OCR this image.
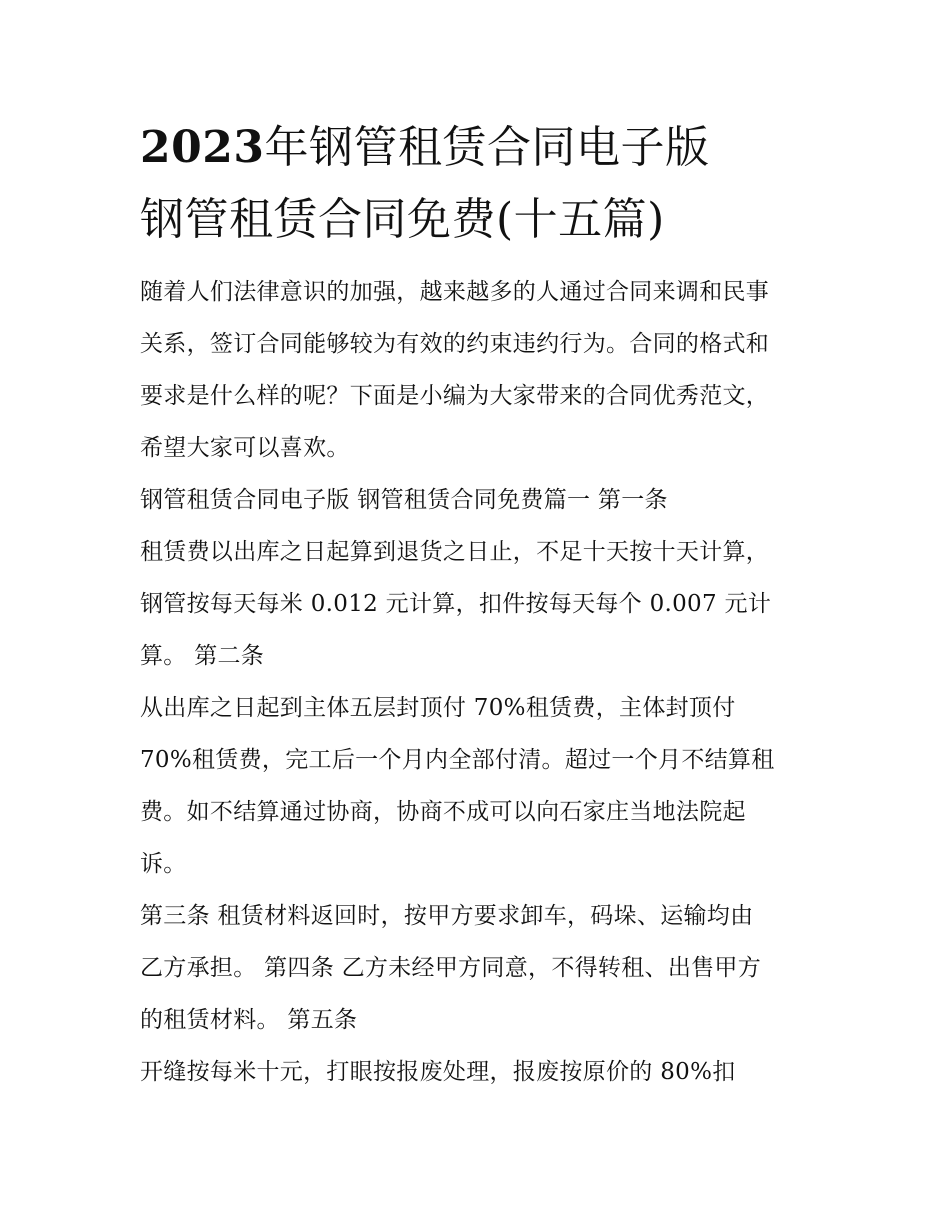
2023年钢管租赁合同电子版
钢管租赁合同免费(十五篇)
随着人们法律意识的加强，越来越多的人通过合同来调和民事
关系，签订合同能够较为有效的约束违约行为。合同的格式和
要求是什么样的呢？下面是小编为大家带来的合同优秀范文，
希望大家可以喜欢。
钢管租赁合同电子版 钢管租赁合同免费篇一 第一条
租赁费以出库之日起算到退货之日止，不足十天按十天计算，
钢管按每天每米 0.012 元计算，扣件按每天每个 0.007 元计
算。 第二条
从出库之日起到主体五层封顶付 70%租赁费，主体封顶付
70%租赁费，完工后一个月内全部付清。超过一个月不结算租
费。如不结算通过协商，协商不成可以向石家庄当地法院起
诉。
第三条 租赁材料返回时，按甲方要求卸车，码垛、运输均由
乙方承担。 第四条 乙方未经甲方同意，不得转租、出售甲方
的租赁材料。 第五条
开缝按每米十元，打眼按报废处理，报废按原价的 80%扣
